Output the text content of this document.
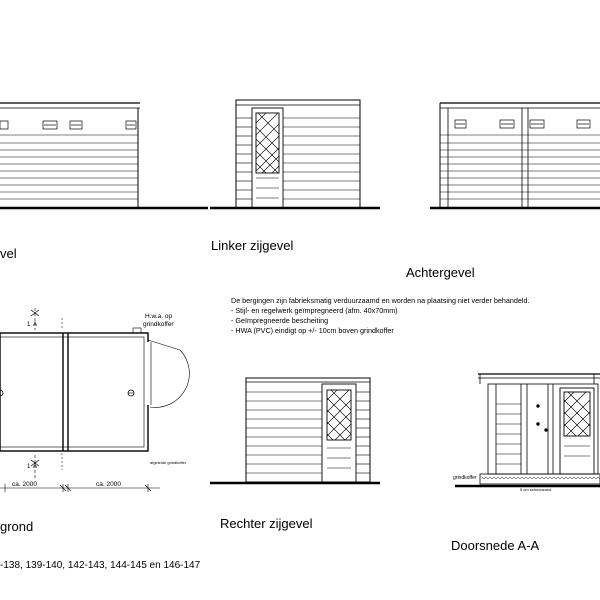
Linker zijgevel
vel
Achtergevel
De bergingen zijn fabrieksmatig verduurzaamd en worden na plaatsing niet verder behandeld.
- Stijl- en regelwerk geïmpregneerd (afm. 40x70mm)
- Geïmpregneerde bescheiting
- HWA (PVC) eindigt op +/- 10cm boven grindkoffer
H.w.a. op
grindkoffer
1 A
1 A
ca. 2000	ca. 2000
afgeleide grindkoffer
grond
-138, 139-140, 142-143, 144-145 en 146-147
Rechter zijgevel
grindkoffer
5 cm schoonzand
Doorsnede A-A
